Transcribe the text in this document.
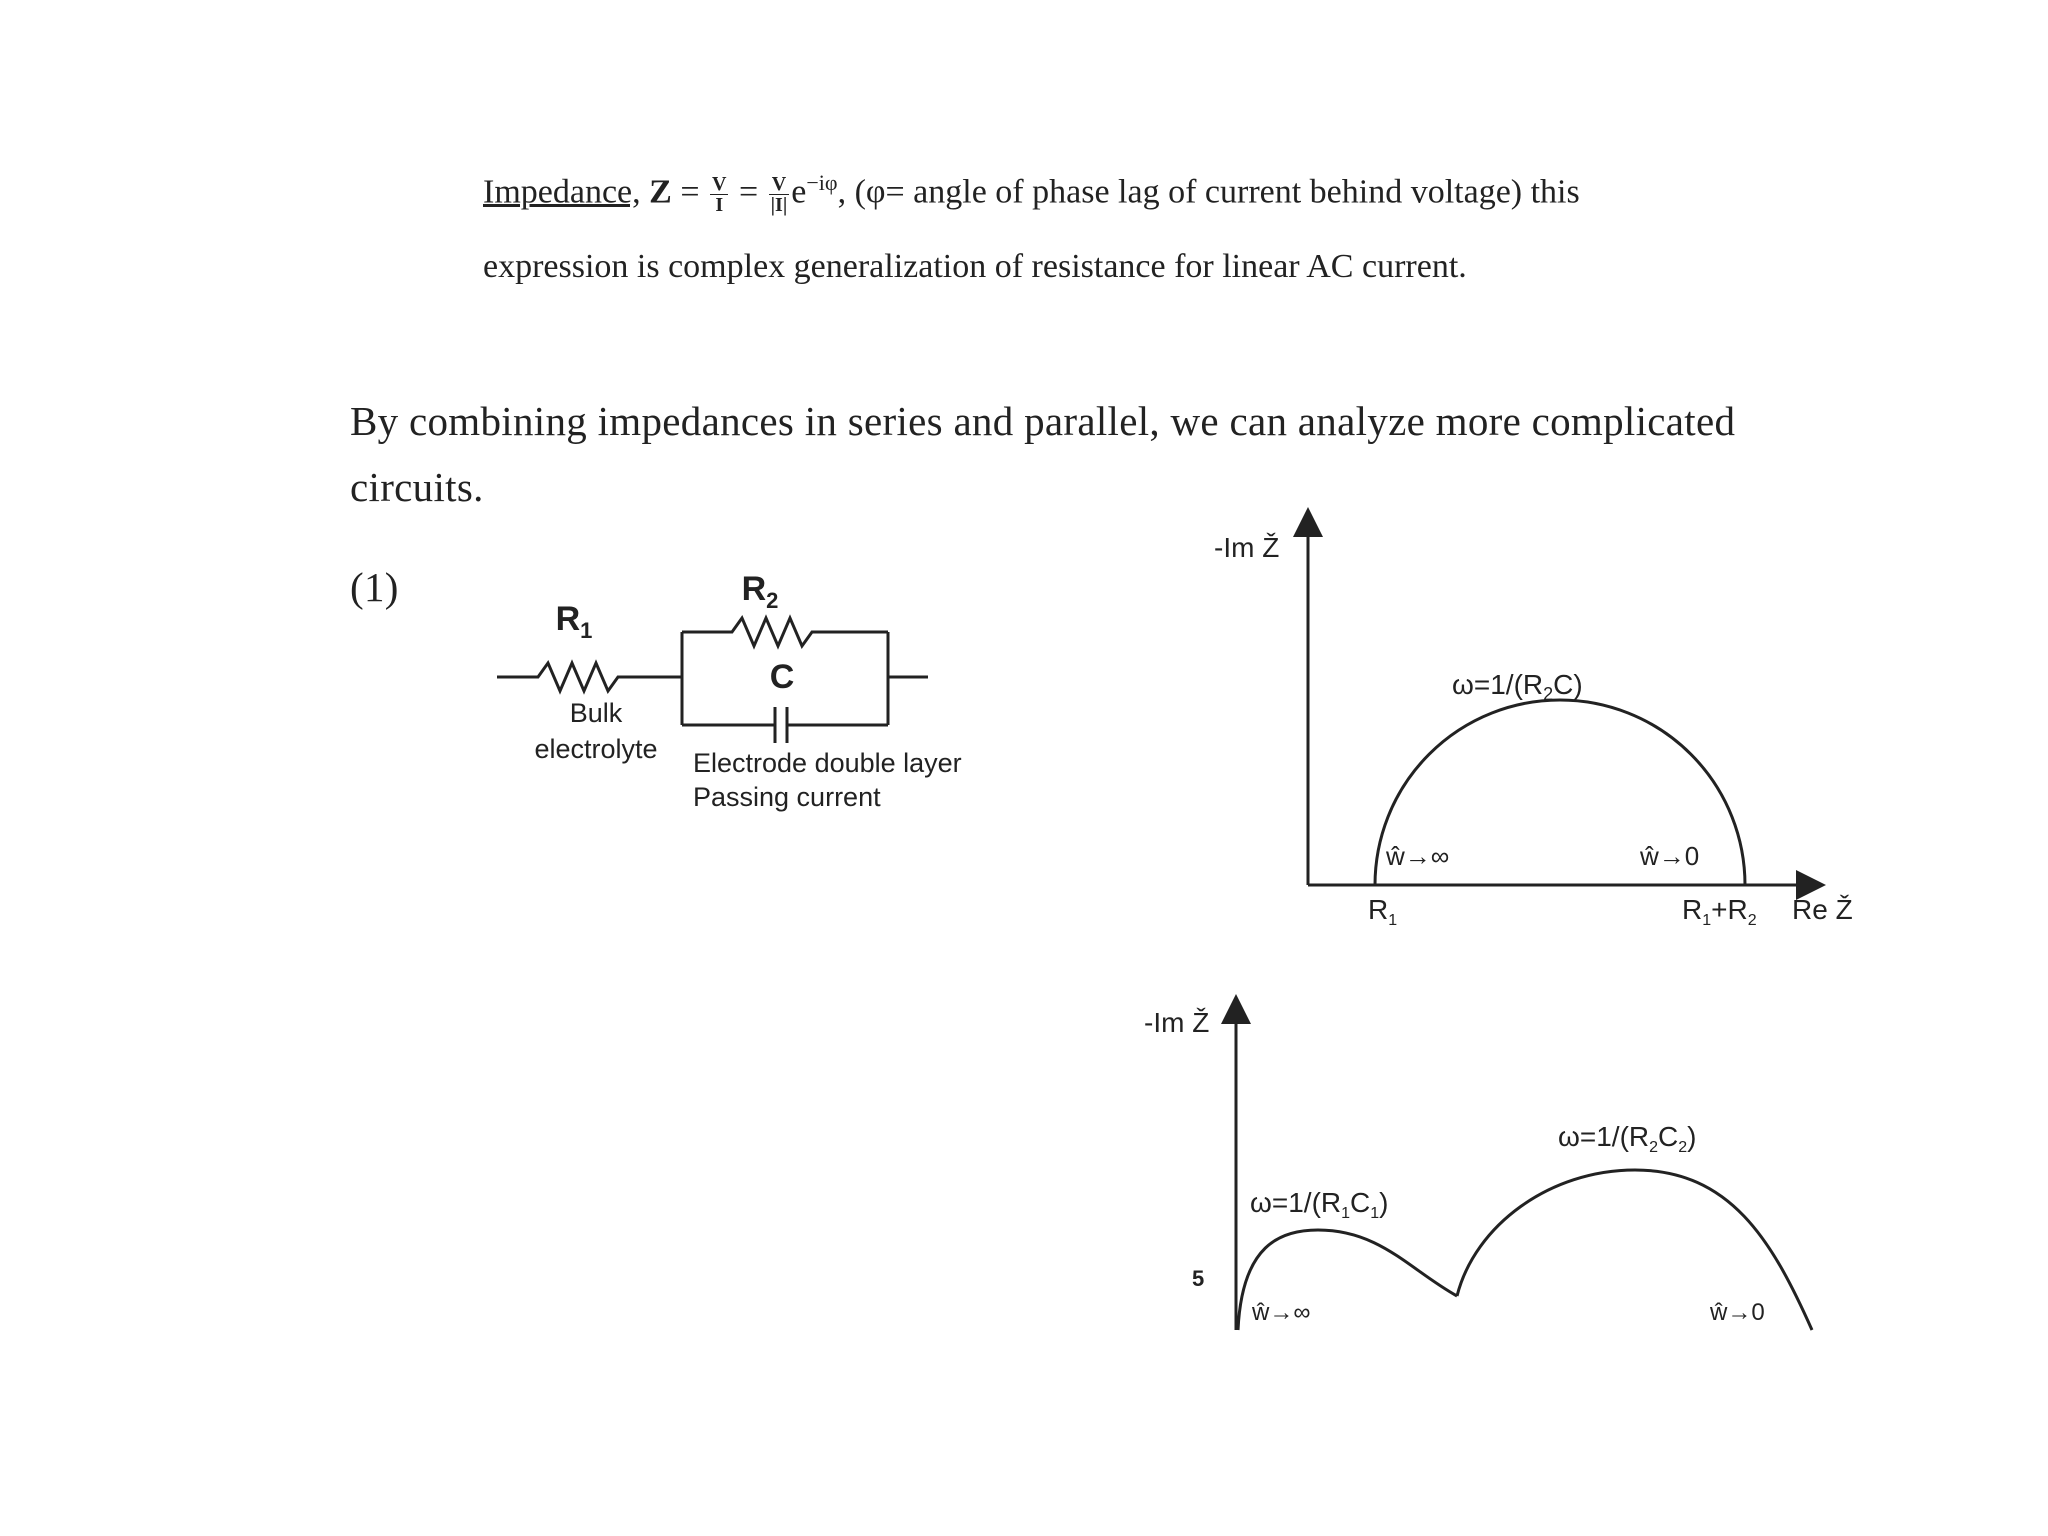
Impedance, $Z = \frac{V}{I} = \frac{V}{|I|} e^{-i\varphi}$, (φ= angle of phase lag of current behind voltage) this
expression is complex generalization of resistance for linear AC current.
By combining impedances in series and parallel, we can analyze more complicated
circuits.
(1)
$R_1$
$R_2$
C
Bulk
electrolyte Electrode double layer
Passing current
-Im Ž
$\omega=1/(R_2C)$
ŵ→∞	ŵ→0
$R_1$	$R_1+R_2$ Re Ž
-Im Ž
5
$\omega=1/(R_1C_1)$
$\omega=1/(R_2C_2)$
ŵ→∞	ŵ→0
